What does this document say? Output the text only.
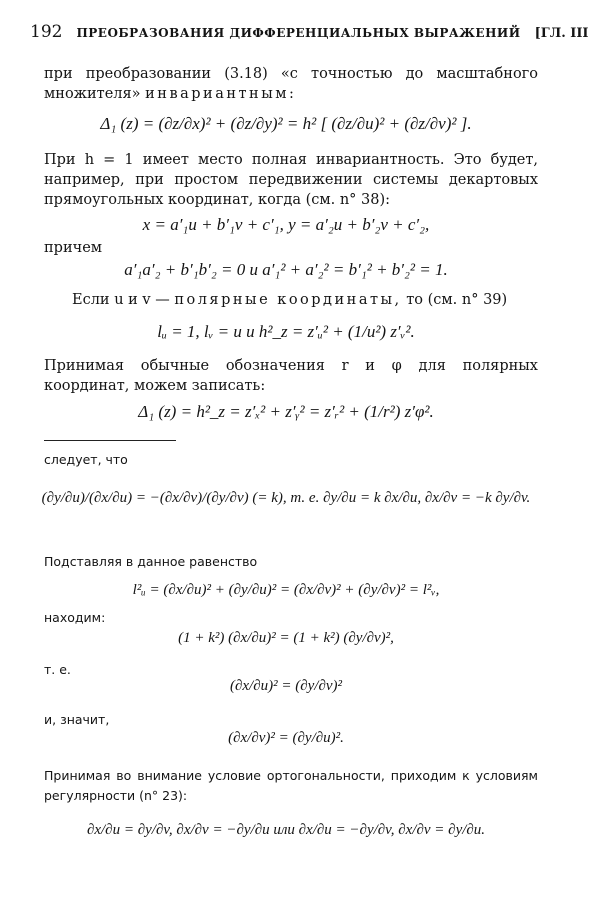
192 ПРЕОБРАЗОВАНИЯ ДИФФЕРЕНЦИАЛЬНЫХ ВЫРАЖЕНИЙ [ГЛ. III
при преобразовании (3.18) «с точностью до масштабного множителя» инвариантным:
Δ₁ (z) = (∂z/∂x)² + (∂z/∂y)² = h² [ (∂z/∂u)² + (∂z/∂v)² ].
При h = 1 имеет место полная инвариантность. Это будет, например, при простом передвижении системы декартовых прямоугольных координат, когда (см. n° 38):
x = a′₁u + b′₁v + c′₁, y = a′₂u + b′₂v + c′₂,
причем
a′₁a′₂ + b′₁b′₂ = 0 и a′₁² + a′₂² = b′₁² + b′₂² = 1.
Если u и v — полярные координаты, то (см. n° 39)
lᵤ = 1, lᵥ = u и h²_z = z′ᵤ² + (1/u²) z′ᵥ².
Принимая обычные обозначения r и φ для полярных координат, можем записать:
Δ₁ (z) = h²_z = z′ₓ² + z′ᵧ² = z′ᵣ² + (1/r²) z′φ².
следует, что
(∂y/∂u)/(∂x/∂u) = −(∂x/∂v)/(∂y/∂v) (= k), т. е. ∂y/∂u = k ∂x/∂u, ∂x/∂v = −k ∂y/∂v.
Подставляя в данное равенство
l²ᵤ = (∂x/∂u)² + (∂y/∂u)² = (∂x/∂v)² + (∂y/∂v)² = l²ᵥ,
находим:
(1 + k²) (∂x/∂u)² = (1 + k²) (∂y/∂v)²,
т. е.
(∂x/∂u)² = (∂y/∂v)²
и, значит,
(∂x/∂v)² = (∂y/∂u)².
Принимая во внимание условие ортогональности, приходим к условиям регулярности (n° 23):
∂x/∂u = ∂y/∂v, ∂x/∂v = −∂y/∂u или ∂x/∂u = −∂y/∂v, ∂x/∂v = ∂y/∂u.
